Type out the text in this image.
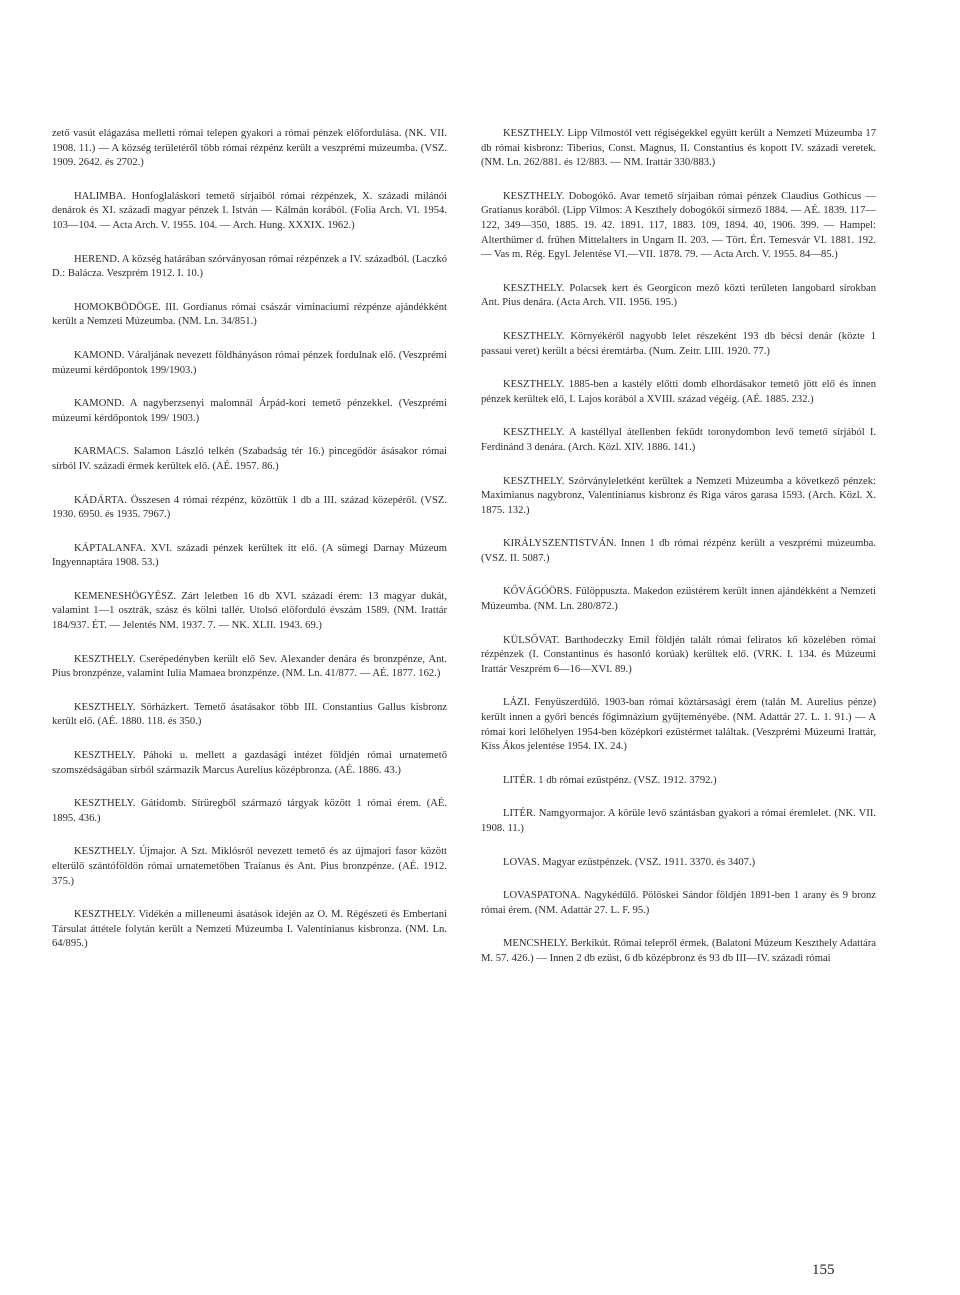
zető vasút elágazása melletti római telepen gyakori a római pénzek előfordulása. (NK. VII. 1908. 11.) — A község területéről több római rézpénz került a veszprémi múzeumba. (VSZ. 1909. 2642. és 2702.)

HALIMBA. Honfoglaláskori temető sírjaiból római rézpénzek, X. századi milánói denárok és XI. századi magyar pénzek I. István — Kálmán korából. (Folia Arch. VI. 1954. 103—104. — Acta Arch. V. 1955. 104. — Arch. Hung. XXXIX. 1962.)

HEREND. A község határában szórványosan római rézpénzek a IV. századból. (Laczkó D.: Balácza. Veszprém 1912. I. 10.)

HOMOKBÖDÖGE. III. Gordianus római császár viminaciumi rézpénze ajándékként került a Nemzeti Múzeumba. (NM. Ln. 34/851.)

KAMOND. Váraljának nevezett földhányáson római pénzek fordulnak elő. (Veszprémi múzeumi kérdőpontok 199/1903.)

KAMOND. A nagyberzsenyi malomnál Árpád-kori temető pénzekkel. (Veszprémi múzeumi kérdőpontok 199/ 1903.)

KARMACS. Salamon László telkén (Szabadság tér 16.) pincegödör ásásakor római sírból IV. századi érmek kerültek elő. (AÉ. 1957. 86.)

KÁDÁRTA. Összesen 4 római rézpénz, közöttük 1 db a III. század közepéről. (VSZ. 1930. 6950. és 1935. 7967.)

KÁPTALANFA. XVI. századi pénzek kerültek itt elő. (A sümegi Darnay Múzeum Ingyennaptára 1908. 53.)

KEMENESHÖGYÉSZ. Zárt leletben 16 db XVI. századi érem: 13 magyar dukát, valamint 1—1 osztrák, szász és kölni tallér. Utolsó előforduló évszám 1589. (NM. Irattár 184/937. ÉT. — Jelentés NM. 1937. 7. — NK. XLII. 1943. 69.)

KESZTHELY. Cserépedényben került elő Sev. Alexander denára és bronzpénze, Ant. Pius bronzpénze, valamint Iulia Mamaea bronzpénze. (NM. Ln. 41/877. — AÉ. 1877. 162.)

KESZTHELY. Sörházkert. Temető ásatásakor több III. Constantius Gallus kisbronz került elő. (AÉ. 1880. 118. és 350.)

KESZTHELY. Páhoki u. mellett a gazdasági intézet földjén római urnatemető szomszédságában sírból származik Marcus Aurelius középbronza. (AÉ. 1886. 43.)

KESZTHELY. Gátidomb. Sírüregből származó tárgyak között 1 római érem. (AÉ. 1895. 436.)

KESZTHELY. Újmajor. A Szt. Miklósról nevezett temető és az újmajori fasor között elterülő szántóföldön római urnatemetőben Traianus és Ant. Pius bronzpénze. (AÉ. 1912. 375.)

KESZTHELY. Vidékén a milleneumi ásatások idején az O. M. Régészeti és Embertani Társulat áttétele folytán került a Nemzeti Múzeumba I. Valentinianus kisbronza. (NM. Ln. 64/895.)

KESZTHELY. Lipp Vilmostól vett régiségekkel együtt került a Nemzeti Múzeumba 17 db római kisbronz: Tiberius, Const. Magnus, II. Constantius és kopott IV. századi veretek. (NM. Ln. 262/881. és 12/883. — NM. Irattár 330/883.)

KESZTHELY. Dobogókő. Avar temető sírjaiban római pénzek Claudius Gothicus — Gratianus korából. (Lipp Vilmos: A Keszthely dobogókői sírmező 1884. — AÉ. 1839. 117—122, 349—350, 1885. 19. 42. 1891. 117, 1883. 109, 1894. 40, 1906. 399. — Hampel: Alterthümer d. frühen Mittelalters in Ungarn II. 203. — Tört. Ért. Temesvár VI. 1881. 192. — Vas m. Rég. Egyl. Jelentése VI.—VII. 1878. 79. — Acta Arch. V. 1955. 84—85.)

KESZTHELY. Polacsek kert és Georgicon mező közti területen langobard sírokban Ant. Pius denára. (Acta Arch. VII. 1956. 195.)

KESZTHELY. Környékéről nagyobb lelet részeként 193 db bécsi denár (közte 1 passaui veret) került a bécsi éremtárba. (Num. Zeitr. LIII. 1920. 77.)

KESZTHELY. 1885-ben a kastély előtti domb elhordásakor temető jött elő és innen pénzek kerültek elő, I. Lajos korából a XVIII. század végéig. (AÉ. 1885. 232.)

KESZTHELY. A kastéllyal átellenben feküdt toronydombon levő temető sírjából I. Ferdinánd 3 denára. (Arch. Közl. XIV. 1886. 141.)

KESZTHELY. Szórványleletként kerültek a Nemzeti Múzeumba a következő pénzek: Maximianus nagybronz, Valentinianus kisbronz és Riga város garasa 1593. (Arch. Közl. X. 1875. 132.)

KIRÁLYSZENTISTVÁN. Innen 1 db római rézpénz került a veszprémi múzeumba. (VSZ. II. 5087.)

KŐVÁGÓÖRS. Fülöppuszta. Makedon ezüstérem került innen ajándékként a Nemzeti Múzeumba. (NM. Ln. 280/872.)

KÜLSŐVAT. Barthodeczky Emil földjén talált római feliratos kő közelében római rézpénzek (I. Constantinus és hasonló korúak) kerültek elő. (VRK. I. 134. és Múzeumi Irattár Veszprém 6—16—XVI. 89.)

LÁZI. Fenyüszerdűlő. 1903-ban római köztársasági érem (talán M. Aurelius pénze) került innen a győri bencés főgimnázium gyűjteményébe. (NM. Adattár 27. L. 1. 91.) — A római kori lelőhelyen 1954-ben középkori ezüstérmet találtak. (Veszprémi Múzeumi Irattár, Kiss Ákos jelentése 1954. IX. 24.)

LITÉR. 1 db római ezüstpénz. (VSZ. 1912. 3792.)

LITÉR. Namgyormajor. A körüle levő szántásban gyakori a római éremlelet. (NK. VII. 1908. 11.)

LOVAS. Magyar ezüstpénzek. (VSZ. 1911. 3370. és 3407.)

LOVASPATONA. Nagykédűlő. Pölöskei Sándor földjén 1891-ben 1 arany és 9 bronz római érem. (NM. Adattár 27. L. F. 95.)

MENCSHELY. Berkikút. Római telepről érmek. (Balatoni Múzeum Keszthely Adattára M. 57. 426.) — Innen 2 db ezüst, 6 db középbronz és 93 db III—IV. századi római

155
